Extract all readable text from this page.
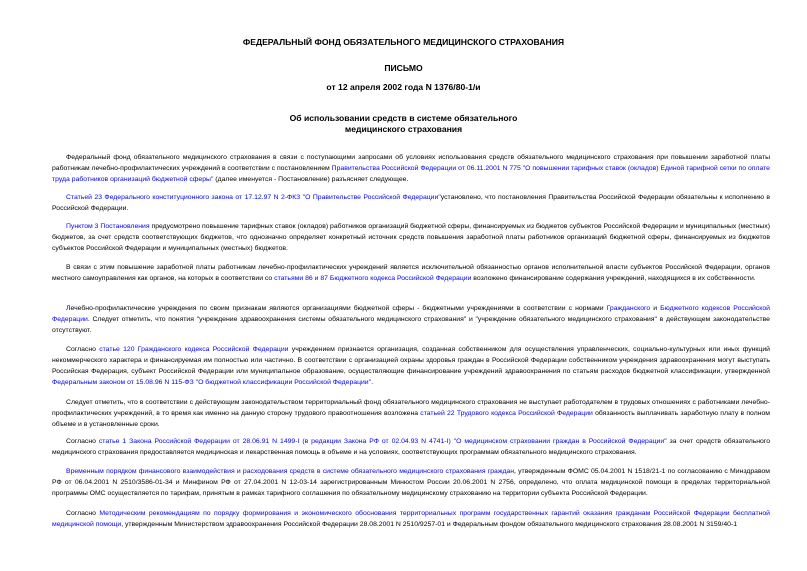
ФЕДЕРАЛЬНЫЙ ФОНД ОБЯЗАТЕЛЬНОГО МЕДИЦИНСКОГО СТРАХОВАНИЯ
ПИСЬМО
от 12 апреля 2002 года N 1376/80-1/и
Об использовании средств в системе обязательного
медицинского страхования

Федеральный фонд обязательного медицинского страхования в связи с поступающими запросами об условиях использования средств обязательного медицинского страхования при повышении заработной платы работникам лечебно-профилактических учреждений в соответствии с постановлением Правительства Российской Федерации от 06.11.2001 N 775 "О повышении тарифных ставок (окладов) Единой тарифной сетки по оплате труда работников организаций бюджетной сферы" (далее именуется - Постановление) разъясняет следующее.

Статьей 23 Федерального конституционного закона от 17.12.97 N 2-ФКЗ "О Правительстве Российской Федерации"установлено, что постановления Правительства Российской Федерации обязательны к исполнению в Российской Федерации.

Пунктом 3 Постановления предусмотрено повышение тарифных ставок (окладов) работников организаций бюджетной сферы, финансируемых из бюджетов субъектов Российской Федерации и муниципальных (местных) бюджетов, за счет средств соответствующих бюджетов, что однозначно определяет конкретный источник средств повышения заработной платы работников организаций бюджетной сферы, финансируемых из бюджетов субъектов Российской Федерации и муниципальных (местных) бюджетов.

В связи с этим повышение заработной платы работникам лечебно-профилактических учреждений является исключительной обязанностью органов исполнительной власти субъектов Российской Федерации, органов местного самоуправления как органов, на которых в соответствии со статьями 86 и 87 Бюджетного кодекса Российской Федерации возложено финансирование содержания учреждений, находящихся в их собственности.

Лечебно-профилактические учреждения по своим признакам являются организациями бюджетной сферы - бюджетными учреждениями в соответствии с нормами Гражданского и Бюджетного кодексов Российской Федерации. Следует отметить, что понятия "учреждение здравоохранения системы обязательного медицинского страхования" и "учреждение обязательного медицинского страхования" в действующем законодательстве отсутствуют.

Согласно статье 120 Гражданского кодекса Российской Федерации учреждением признается организация, созданная собственником для осуществления управленческих, социально-культурных или иных функций некоммерческого характера и финансируемая им полностью или частично. В соответствии с организацией охраны здоровья граждан в Российской Федерации собственником учреждения здравоохранения могут выступать Российская Федерация, субъект Российской Федерации или муниципальное образование, осуществляющие финансирование учреждений здравоохранения по статьям расходов бюджетной классификации, утвержденной Федеральным законом от 15.08.96 N 115-ФЗ "О бюджетной классификации Российской Федерации".

Следует отметить, что в соответствии с действующим законодательством территориальный фонд обязательного медицинского страхования не выступает работодателем в трудовых отношениях с работниками лечебно-профилактических учреждений, в то время как именно на данную сторону трудового правоотношения возложена статьей 22 Трудового кодекса Российской Федерации обязанность выплачивать заработную плату в полном объеме и в установленные сроки.

Согласно статье 1 Закона Российской Федерации от 28.06.91 N 1499-I (в редакции Закона РФ от 02.04.93 N 4741-I) "О медицинском страховании граждан в Российской Федерации" за счет средств обязательного медицинского страхования предоставляется медицинская и лекарственная помощь в объеме и на условиях, соответствующих программам обязательного медицинского страхования.

Временным порядком финансового взаимодействия и расходования средств в системе обязательного медицинского страхования граждан, утвержденным ФОМС 05.04.2001 N 1518/21-1 по согласованию с Минздравом РФ от 06.04.2001 N 2510/3586-01-34 и Минфином РФ от 27.04.2001 N 12-03-14 зарегистрированным Минюстом России 20.06.2001 N 2756, определено, что оплата медицинской помощи в пределах территориальной программы ОМС осуществляется по тарифам, принятым в рамках тарифного соглашения по обязательному медицинскому страхованию на территории субъекта Российской Федерации.

Согласно Методическим рекомендациям по порядку формирования и экономического обоснования территориальных программ государственных гарантий оказания гражданам Российской Федерации бесплатной медицинской помощи, утвержденным Министерством здравоохранения Российской Федерации 28.08.2001 N 2510/9257-01 и Федеральным фондом обязательного медицинского страхования 28.08.2001 N 3159/40-1
